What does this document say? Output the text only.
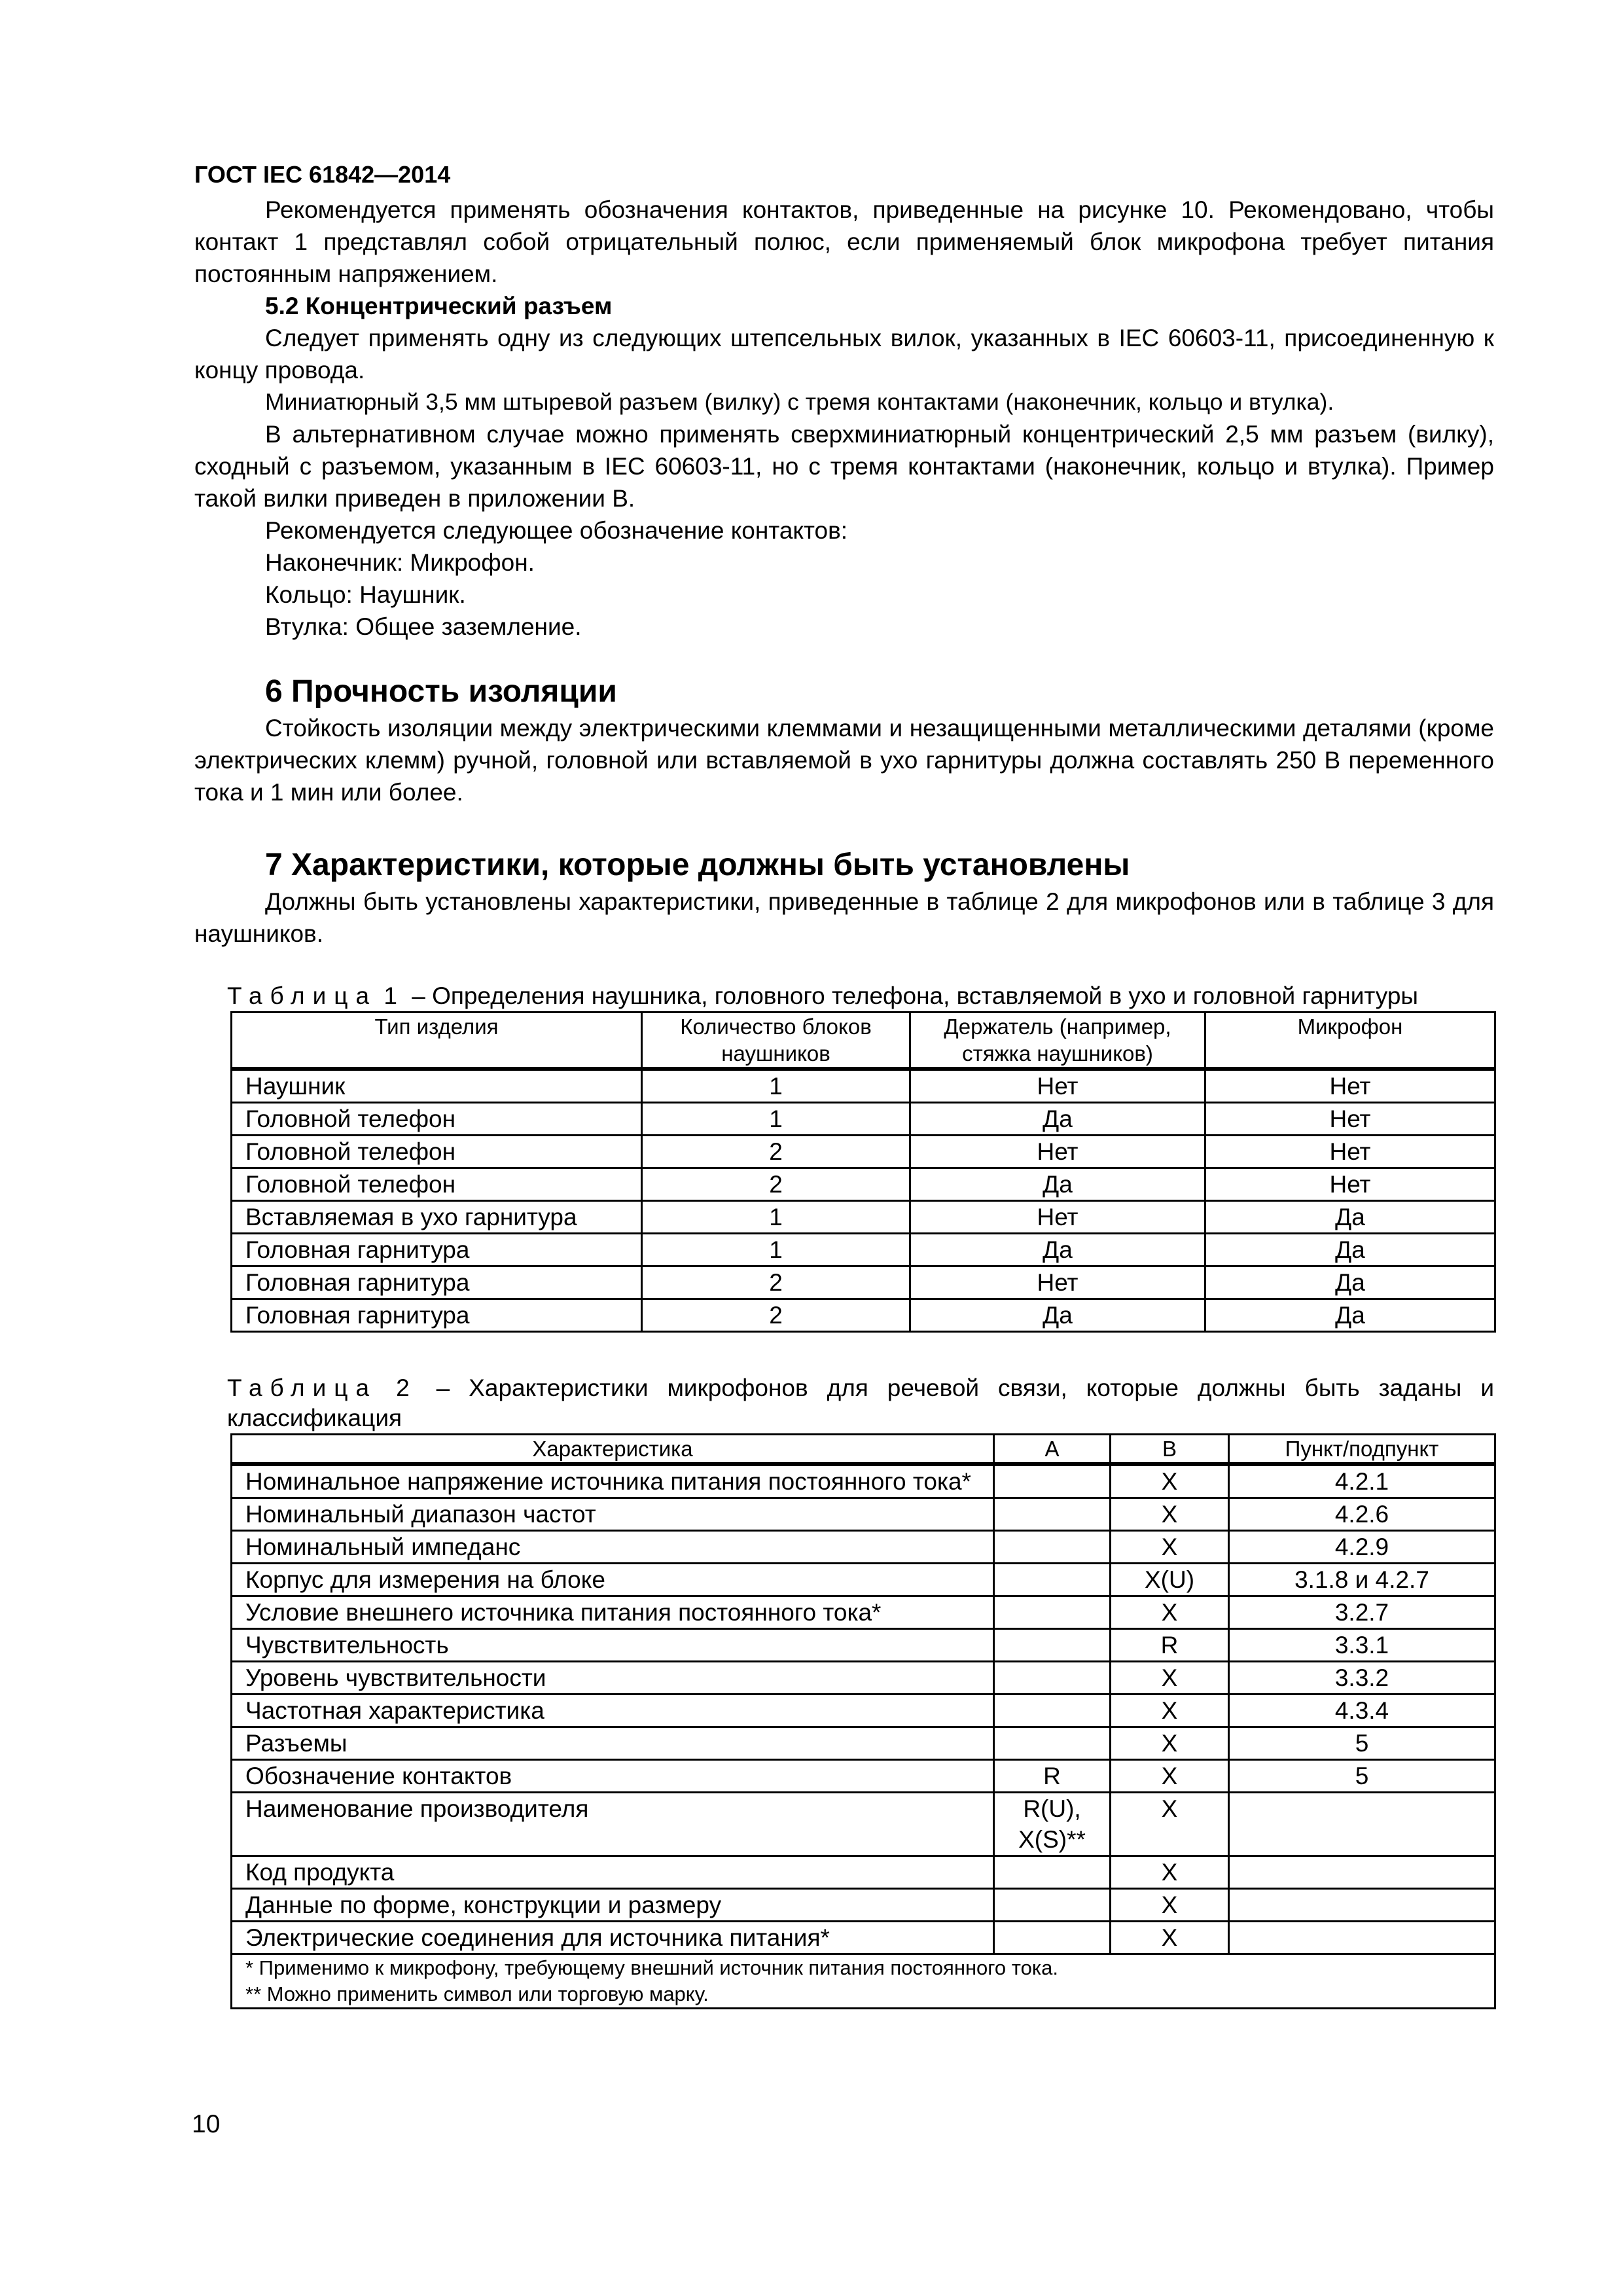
ГОСТ IEC 61842—2014

Рекомендуется применять обозначения контактов, приведенные на рисунке 10. Рекомендовано, чтобы контакт 1 представлял собой отрицательный полюс, если применяемый блок микрофона требует питания постоянным напряжением.

5.2 Концентрический разъем

Следует применять одну из следующих штепсельных вилок, указанных в IEC 60603-11, присоединенную к концу провода.

Миниатюрный 3,5 мм штыревой разъем (вилку) с тремя контактами (наконечник, кольцо и втулка).

В альтернативном случае можно применять сверхминиатюрный концентрический 2,5 мм разъем (вилку), сходный с разъемом, указанным в IEC 60603-11, но с тремя контактами (наконечник, кольцо и втулка). Пример такой вилки приведен в приложении В.

Рекомендуется следующее обозначение контактов:

Наконечник: Микрофон.

Кольцо: Наушник.

Втулка: Общее заземление.

6 Прочность изоляции

Стойкость изоляции между электрическими клеммами и незащищенными металлическими деталями (кроме электрических клемм) ручной, головной или вставляемой в ухо гарнитуры должна составлять 250 В переменного тока и 1 мин или более.

7 Характеристики, которые должны быть установлены

Должны быть установлены характеристики, приведенные в таблице 2 для микрофонов или в таблице 3 для наушников.

Таблица 1 – Определения наушника, головного телефона, вставляемой в ухо и головной гарнитуры
Тип изделия	Количество блоков наушников	Держатель (например, стяжка наушников)	Микрофон
Наушник	1	Нет	Нет
Головной телефон	1	Да	Нет
Головной телефон	2	Нет	Нет
Головной телефон	2	Да	Нет
Вставляемая в ухо гарнитура	1	Нет	Да
Головная гарнитура	1	Да	Да
Головная гарнитура	2	Нет	Да
Головная гарнитура	2	Да	Да
Таблица 2 – Характеристики микрофонов для речевой связи, которые должны быть заданы и классификация
Характеристика	A	B	Пункт/подпункт
Номинальное напряжение источника питания постоянного тока*		X	4.2.1
Номинальный диапазон частот		X	4.2.6
Номинальный импеданс		X	4.2.9
Корпус для измерения на блоке		X(U)	3.1.8 и 4.2.7
Условие внешнего источника питания постоянного тока*		X	3.2.7
Чувствительность		R	3.3.1
Уровень чувствительности		X	3.3.2
Частотная характеристика		X	4.3.4
Разъемы		X	5
Обозначение контактов	R	X	5
Наименование производителя	R(U), X(S)**	X	
Код продукта		X	
Данные по форме, конструкции и размеру		X	
Электрические соединения для источника питания*		X	

* Применимо к микрофону, требующему внешний источник питания постоянного тока.
** Можно применить символ или торговую марку.			
10
